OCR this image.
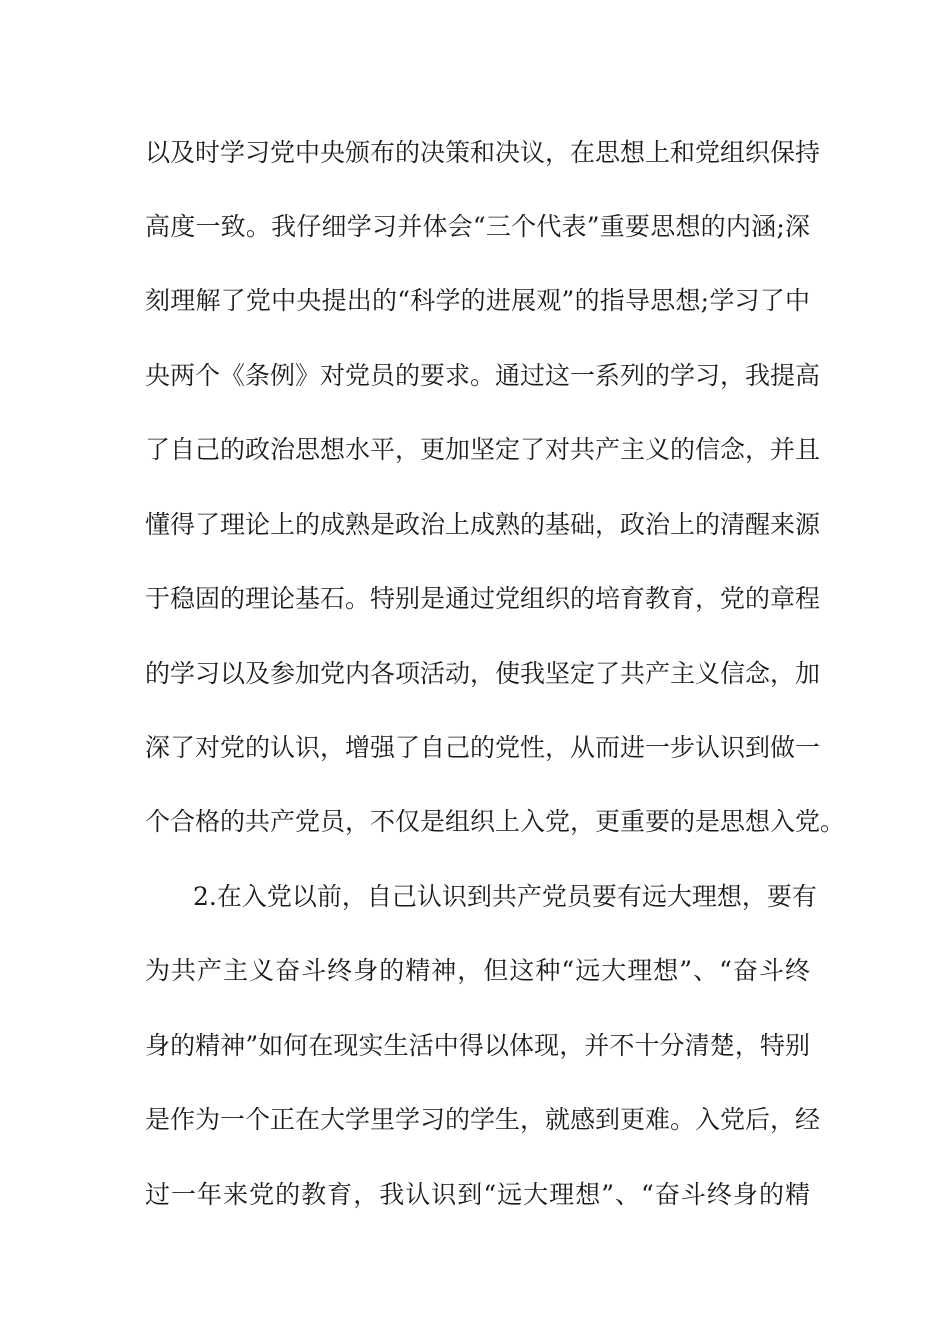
以及时学习党中央颁布的决策和决议，在思想上和党组织保持
高度一致。我仔细学习并体会“三个代表”重要思想的内涵;深
刻理解了党中央提出的“科学的进展观”的指导思想;学习了中
央两个《条例》对党员的要求。通过这一系列的学习，我提高
了自己的政治思想水平，更加坚定了对共产主义的信念，并且
懂得了理论上的成熟是政治上成熟的基础，政治上的清醒来源
于稳固的理论基石。特别是通过党组织的培育教育，党的章程
的学习以及参加党内各项活动，使我坚定了共产主义信念，加
深了对党的认识，增强了自己的党性，从而进一步认识到做一
个合格的共产党员，不仅是组织上入党，更重要的是思想入党。
2.在入党以前，自己认识到共产党员要有远大理想，要有
为共产主义奋斗终身的精神，但这种“远大理想”、“奋斗终
身的精神”如何在现实生活中得以体现，并不十分清楚，特别
是作为一个正在大学里学习的学生，就感到更难。入党后，经
过一年来党的教育，我认识到“远大理想”、“奋斗终身的精
